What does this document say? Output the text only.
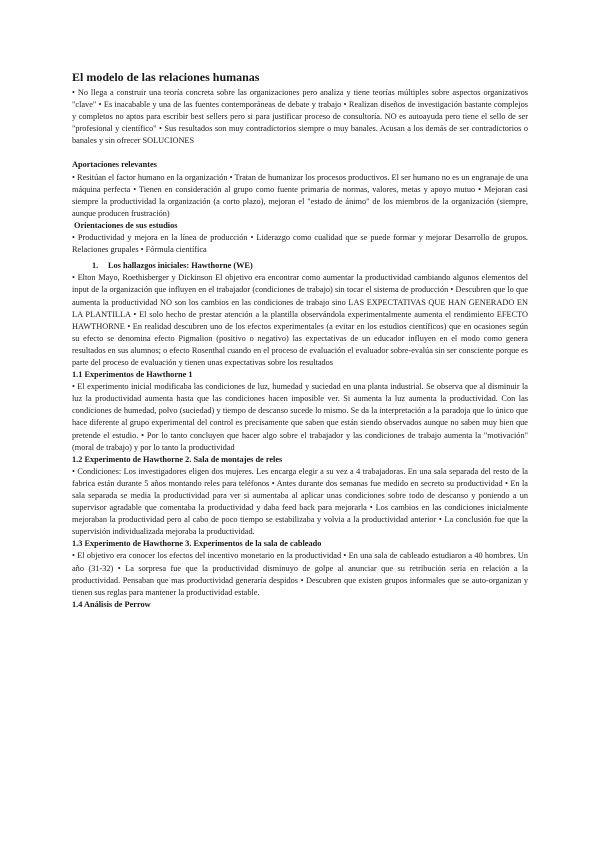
El modelo de las relaciones humanas

• No llega a construir una teoría concreta sobre las organizaciones pero analiza y tiene teorías múltiples sobre aspectos organizativos "clave" • Es inacabable y una de las fuentes contemporáneas de debate y trabajo • Realizan diseños de investigación bastante complejos y completos no aptos para escribir best sellers pero si para justificar proceso de consultoría. NO es autoayuda pero tiene el sello de ser "profesional y científico" • Sus resultados son muy contradictorios siempre o muy banales. Acusan a los demás de ser contradictorios o banales y sin ofrecer SOLUCIONES

Aportaciones relevantes

• Resitúan el factor humano en la organización • Tratan de humanizar los procesos productivos. El ser humano no es un engranaje de una máquina perfecta • Tienen en consideración al grupo como fuente primaria de normas, valores, metas y apoyo mutuo • Mejoran casi siempre la productividad la organización (a corto plazo), mejoran el "estado de ánimo" de los miembros de la organización (siempre, aunque producen frustración)

Orientaciones de sus estudios

• Productividad y mejora en la línea de producción • Liderazgo como cualidad que se puede formar y mejorar Desarrollo de grupos. Relaciones grupales • Fórmula científica

1. Los hallazgos iniciales: Hawthorne (WE)

• Elton Mayo, Roethisberger y Dickinson El objetivo era encontrar como aumentar la productividad cambiando algunos elementos del input de la organización que influyen en el trabajador (condiciones de trabajo) sin tocar el sistema de producción • Descubren que lo que aumenta la productividad NO son los cambios en las condiciones de trabajo sino LAS EXPECTATIVAS QUE HAN GENERADO EN LA PLANTILLA • El solo hecho de prestar atención a la plantilla observándola experimentalmente aumenta el rendimiento EFECTO HAWTHORNE • En realidad descubren uno de los efectos experimentales (a evitar en los estudios científicos) que en ocasiones según su efecto se denomina efecto Pigmalion (positivo o negativo) las expectativas de un educador influyen en el modo como genera resultados en sus alumnos; o efecto Rosenthal cuando en el proceso de evaluación el evaluador sobre-evalúa sin ser consciente porque es parte del proceso de evaluación y tienen unas expectativas sobre los resultados

1.1 Experimentos de Hawthorne 1

• El experimento inicial modificaba las condiciones de luz, humedad y suciedad en una planta industrial. Se observa que al disminuir la luz la productividad aumenta hasta que las condiciones hacen imposible ver. Si aumenta la luz aumenta la productividad. Con las condiciones de humedad, polvo (suciedad) y tiempo de descanso sucede lo mismo. Se da la interpretación a la paradoja que lo único que hace diferente al grupo experimental del control es precisamente que saben que están siendo observados aunque no saben muy bien que pretende el estudio. • Por lo tanto concluyen que hacer algo sobre el trabajador y las condiciones de trabajo aumenta la "motivación" (moral de trabajo) y por lo tanto la productividad

1.2 Experimento de Hawthorne 2. Sala de montajes de reles

• Condiciones: Los investigadores eligen dos mujeres. Les encarga elegir a su vez a 4 trabajadoras. En una sala separada del resto de la fabrica están durante 5 años montando reles para teléfonos • Antes durante dos semanas fue medido en secreto su productividad • En la sala separada se media la productividad para ver si aumentaba al aplicar unas condiciones sobre todo de descanso y poniendo a un supervisor agradable que comentaba la productividad y daba feed back para mejorarla • Los cambios en las condiciones inicialmente mejoraban la productividad pero al cabo de poco tiempo se estabilizaba y volvia a la productividad anterior • La conclusión fue que la supervisión individualizada mejoraba la productividad.

1.3 Experimento de Hawthorne 3. Experimentos de la sala de cableado

• El objetivo era conocer los efectos del incentivo monetario en la productividad • En una sala de cableado estudiaron a 40 hombres. Un año (31-32) • La sorpresa fue que la productividad disminuyo de golpe al anunciar que su retribución sería en relación a la productividad. Pensaban que mas productividad generaría despidos • Descubren que existen grupos informales que se auto-organizan y tienen sus reglas para mantener la productividad estable.

1.4 Análisis de Perrow
